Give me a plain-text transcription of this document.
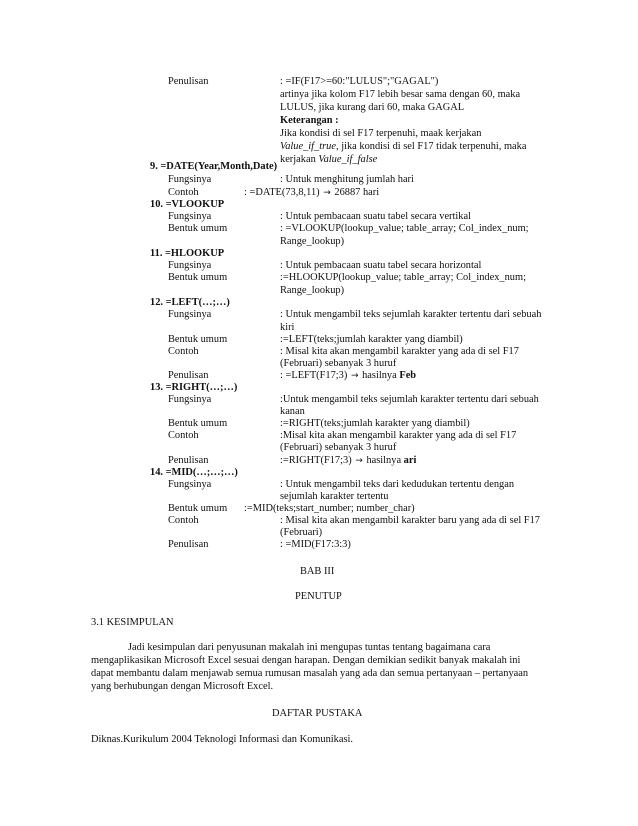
Penulisan	: =IF(F17>=60:"LULUS";"GAGAL")
artinya jika kolom F17 lebih besar sama dengan 60, maka
LULUS, jika kurang dari 60, maka GAGAL
Keterangan :
Jika kondisi di sel F17 terpenuhi, maak kerjakan
Value_if_true, jika kondisi di sel F17 tidak terpenuhi, maka
kerjakan Value_if_false
9. =DATE(Year,Month,Date)
Fungsinya	: Untuk menghitung jumlah hari
Contoh	: =DATE(73,8,11) → 26887 hari
10. =VLOOKUP
Fungsinya	: Untuk pembacaan suatu tabel secara vertikal
Bentuk umum	: =VLOOKUP(lookup_value; table_array; Col_index_num;
Range_lookup)
11. =HLOOKUP
Fungsinya	: Untuk pembacaan suatu tabel secara horizontal
Bentuk umum	:=HLOOKUP(lookup_value; table_array; Col_index_num;
Range_lookup)
12. =LEFT(…;…)
Fungsinya	: Untuk mengambil teks sejumlah karakter tertentu dari sebuah
kiri
Bentuk umum	:=LEFT(teks;jumlah karakter yang diambil)
Contoh	: Misal kita akan mengambil karakter yang ada di sel F17
(Februari) sebanyak 3 huruf
Penulisan	: =LEFT(F17;3) → hasilnya Feb
13. =RIGHT(…;…)
Fungsinya	:Untuk mengambil teks sejumlah karakter tertentu dari sebuah
kanan
Bentuk umum	:=RIGHT(teks;jumlah karakter yang diambil)
Contoh	:Misal kita akan mengambil karakter yang ada di sel F17
(Februari) sebanyak 3 huruf
Penulisan	:=RIGHT(F17;3) → hasilnya ari
14. =MID(…;…;…)
Fungsinya	: Untuk mengambil teks dari kedudukan tertentu dengan
sejumlah karakter tertentu
Bentuk umum :=MID(teks;start_number; number_char)
Contoh	: Misal kita akan mengambil karakter baru yang ada di sel F17
(Februari)
Penulisan	: =MID(F17:3:3)
BAB III
PENUTUP
3.1 KESIMPULAN
Jadi kesimpulan dari penyusunan makalah ini mengupas tuntas tentang bagaimana cara
mengaplikasikan Microsoft Excel sesuai dengan harapan. Dengan demikian sedikit banyak makalah ini
dapat membantu dalam menjawab semua rumusan masalah yang ada dan semua pertanyaan – pertanyaan
yang berhubungan dengan Microsoft Excel.
DAFTAR PUSTAKA
Diknas.Kurikulum 2004 Teknologi Informasi dan Komunikasi.
